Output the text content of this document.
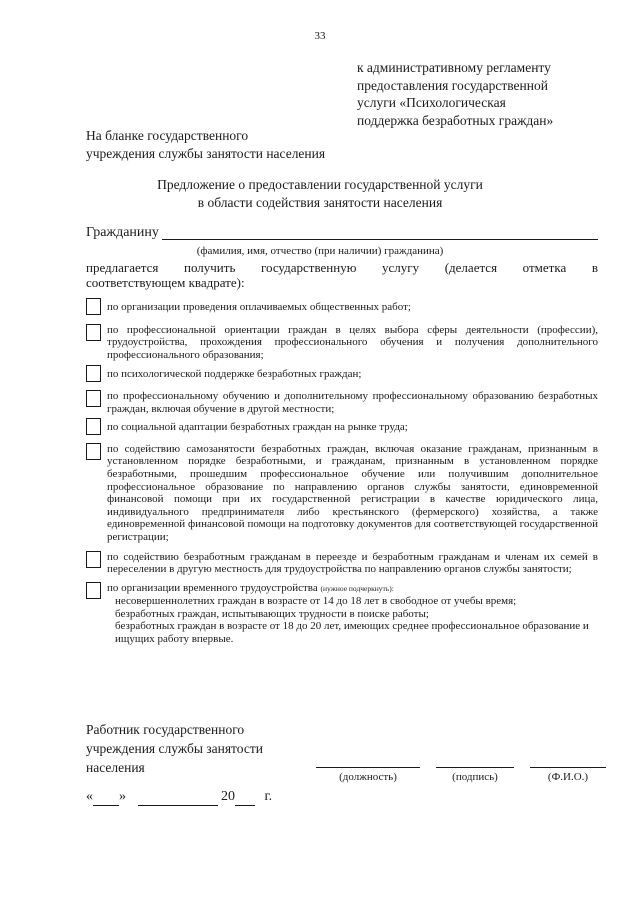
33
к административному регламенту
предоставления государственной
услуги «Психологическая
поддержка безработных граждан»
На бланке государственного
учреждения службы занятости населения
Предложение о предоставлении государственной услуги
в области содействия занятости населения
Гражданину
(фамилия, имя, отчество (при наличии) гражданина)
предлагается получить государственную услугу (делается отметка в
соответствующем квадрате):
по организации проведения оплачиваемых общественных работ;
по профессиональной ориентации граждан в целях выбора сферы деятельности (профессии), трудоустройства, прохождения профессионального обучения и получения дополнительного профессионального образования;
по психологической поддержке безработных граждан;
по профессиональному обучению и дополнительному профессиональному образованию безработных граждан, включая обучение в другой местности;
по социальной адаптации безработных граждан на рынке труда;
по содействию самозанятости безработных граждан, включая оказание гражданам, признанным в установленном порядке безработными, и гражданам, признанным в установленном порядке безработными, прошедшим профессиональное обучение или получившим дополнительное профессиональное образование по направлению органов службы занятости, единовременной финансовой помощи при их государственной регистрации в качестве юридического лица, индивидуального предпринимателя либо крестьянского (фермерского) хозяйства, а также единовременной финансовой помощи на подготовку документов для соответствующей государственной регистрации;
по содействию безработным гражданам в переезде и безработным гражданам и членам их семей в переселении в другую местность для трудоустройства по направлению органов службы занятости;
по организации временного трудоустройства (нужное подчеркнуть):
несовершеннолетних граждан в возрасте от 14 до 18 лет в свободное от учебы время;
безработных граждан, испытывающих трудности в поиске работы;
безработных граждан в возрасте от 18 до 20 лет, имеющих среднее профессиональное образование и ищущих работу впервые.
Работник государственного
учреждения службы занятости
населения
(должность)	(подпись)	(Ф.И.О.)
« »	20 г.
